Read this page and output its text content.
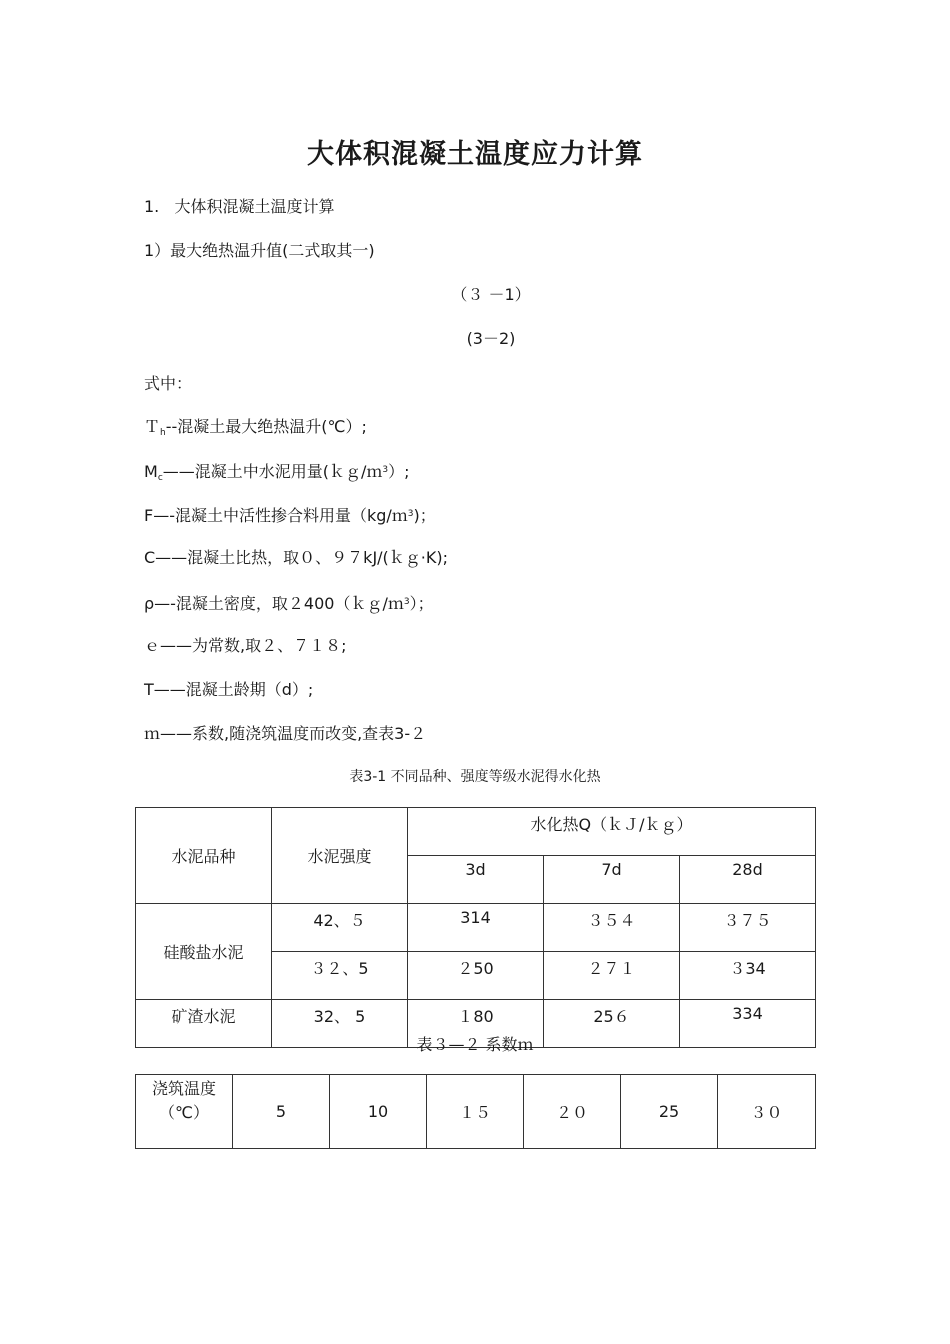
大体积混凝土温度应力计算
1.   大体积混凝土温度计算
1）最大绝热温升值(二式取其一)
（３ －1）
(3－2)
式中：
Ｔ$_h$--混凝土最大绝热温升(℃）;
$M_c——$混凝土中水泥用量(ｋｇ/ｍ$^3$）;
F—-混凝土中活性掺合料用量（kg/ｍ$^3$)；
C——混凝土比热，取０、９７kJ/(ｋｇ·K);
ρ—-混凝土密度，取２400（ｋｇ/ｍ$^3$）；
ｅ——为常数,取２、７１８;
T——混凝土龄期（d）;
ｍ——系数,随浇筑温度而改变,查表3-２
表3-1 不同品种、强度等级水泥得水化热
水泥品种	水泥强度	水化热Q（ｋＪ/ｋｇ）		
		3d	7d	28d
硅酸盐水泥	42、５	314	３５４	３７５
	３２、5	２50	２７１	３34
矿渣水泥	32、 5	１80	25６	334
表３—２ 系数ｍ
浇筑温度（℃）	5	10	１５	２０	25	３０
